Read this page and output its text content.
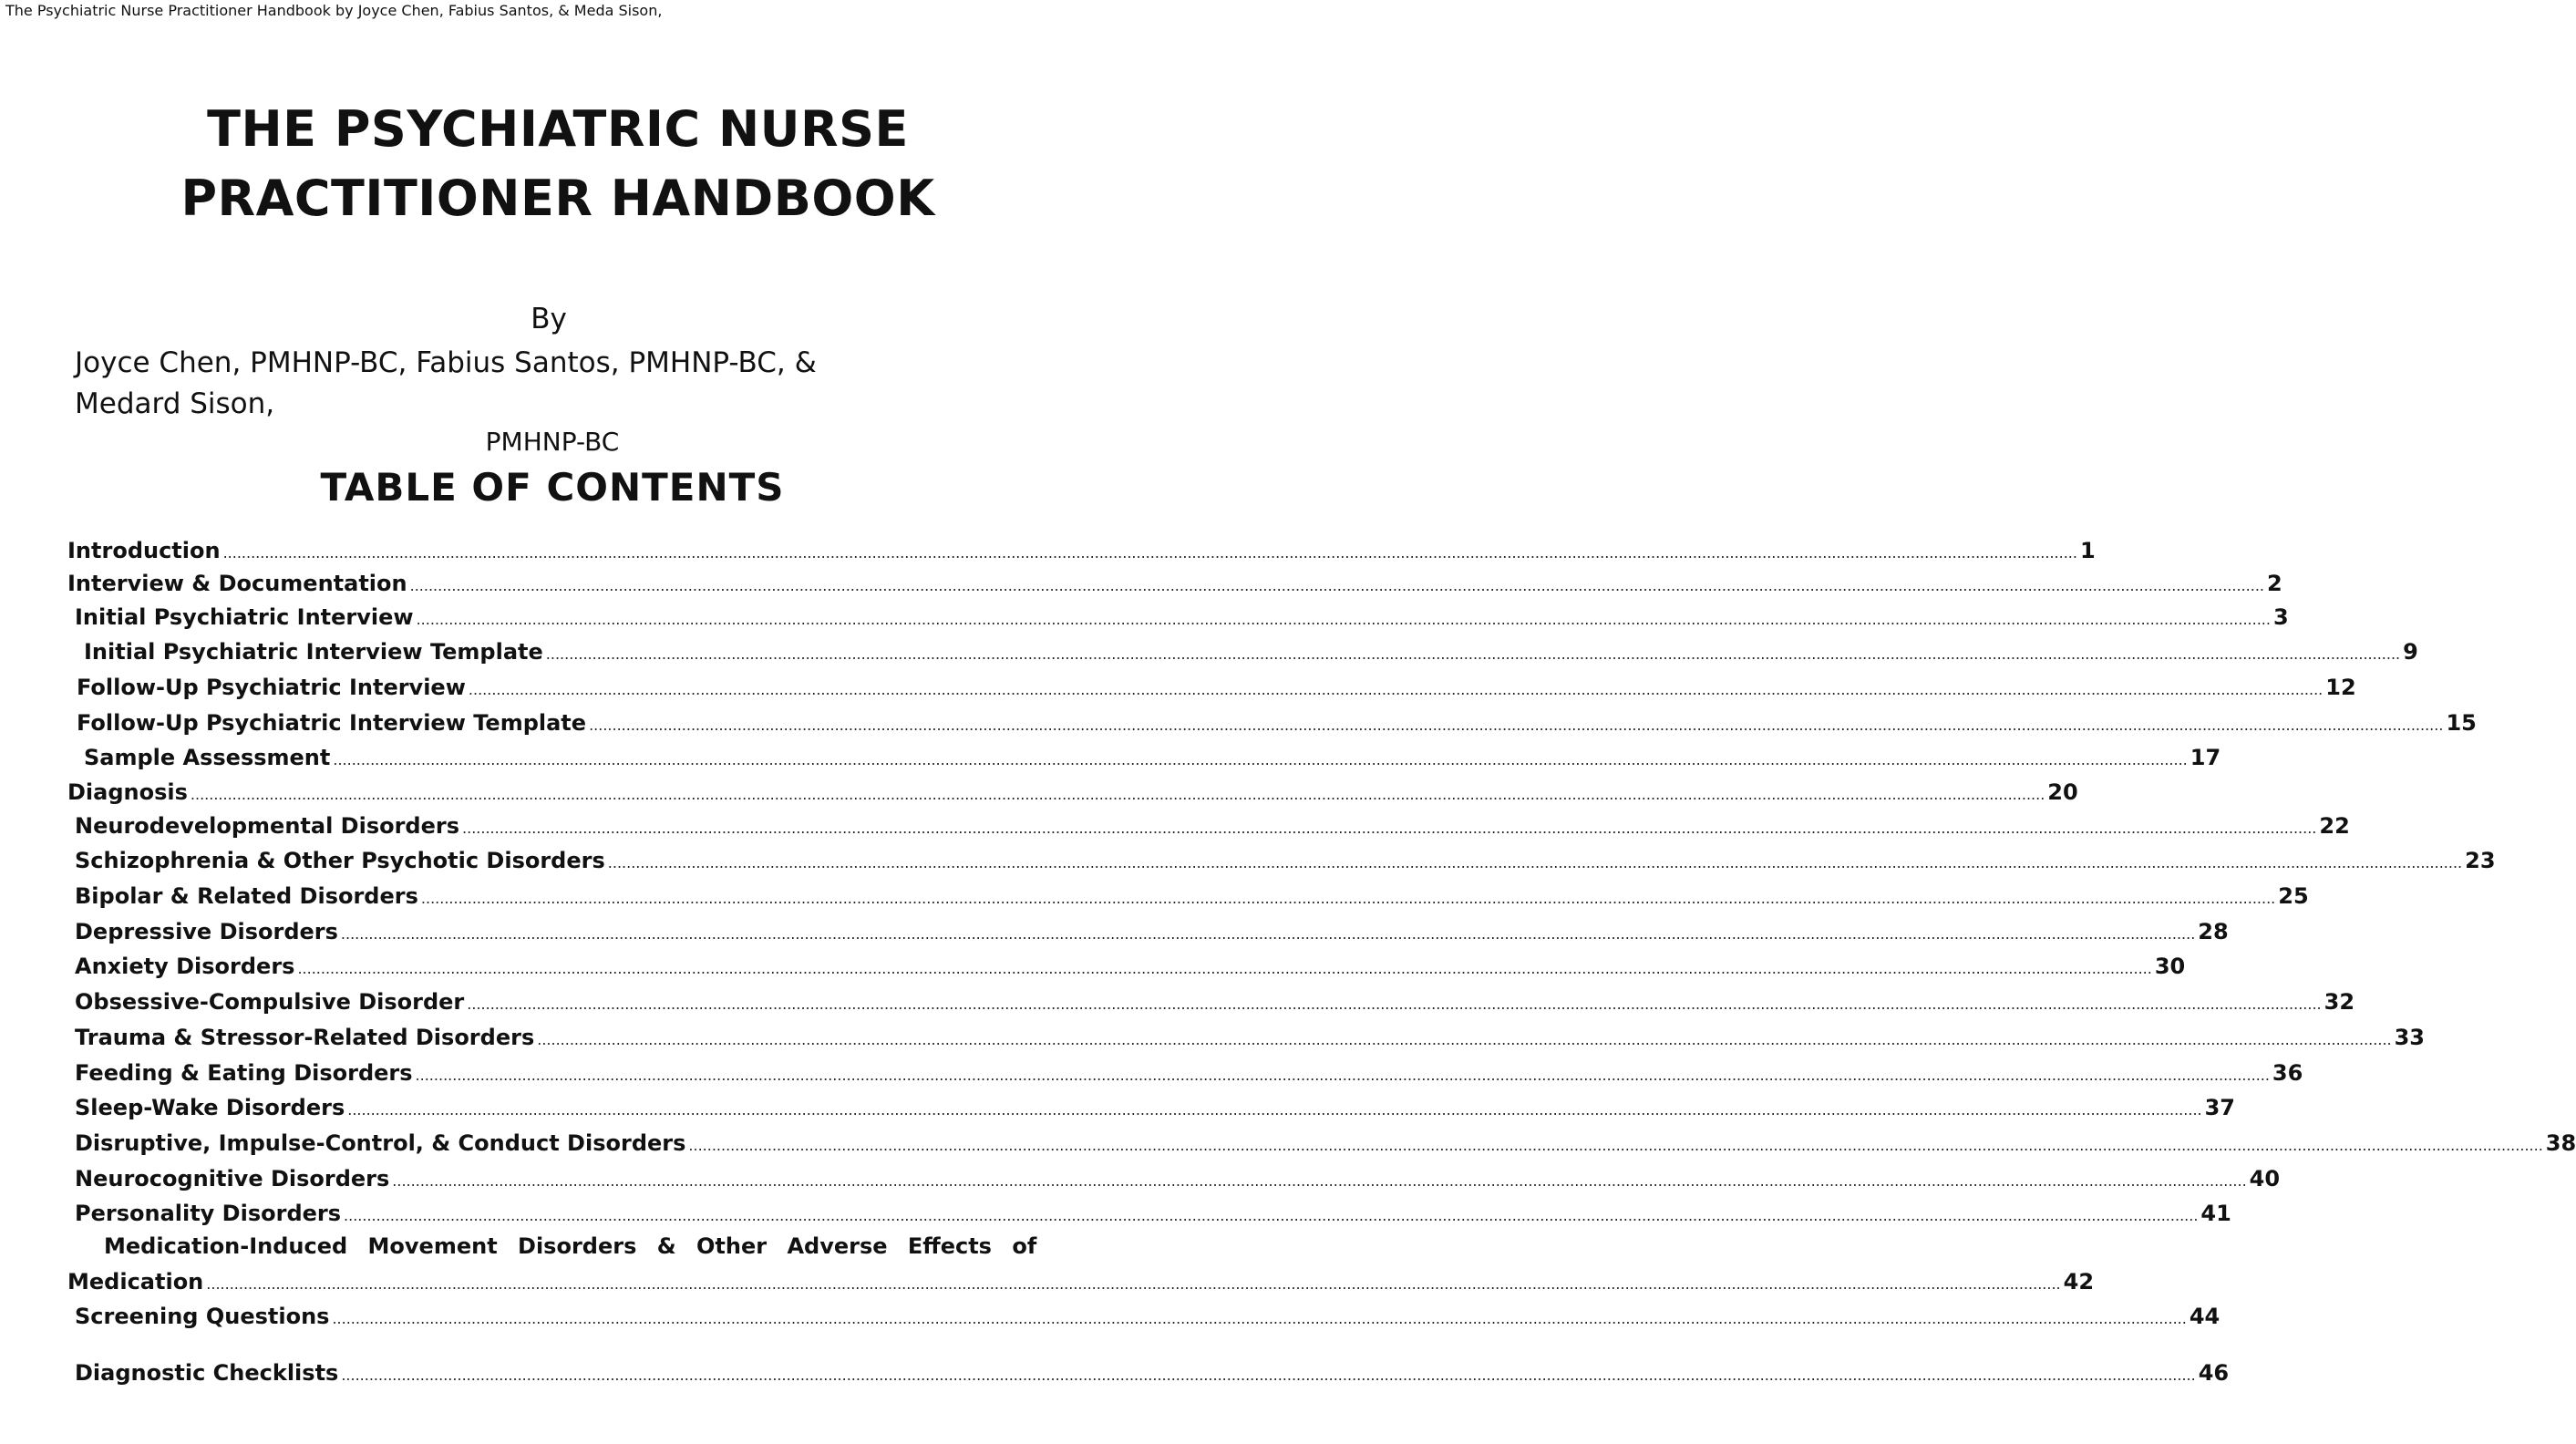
The Psychiatric Nurse Practitioner Handbook by Joyce Chen, Fabius Santos, & Meda Sison,
THE PSYCHIATRIC NURSE
PRACTITIONER HANDBOOK
By
Joyce Chen, PMHNP-BC, Fabius Santos, PMHNP-BC, &
Medard Sison,
PMHNP-BC
TABLE OF CONTENTS
Introduction ................................................................................................................................................................................................................................................................................................................................................................................................................ 1
Interview & Documentation ................................................................................................................................................................................................................................................................................................................................................................................................................ 2
Initial Psychiatric Interview ................................................................................................................................................................................................................................................................................................................................................................................................................ 3
Initial Psychiatric Interview Template ................................................................................................................................................................................................................................................................................................................................................................................................................ 9
Follow-Up Psychiatric Interview ................................................................................................................................................................................................................................................................................................................................................................................................................ 12
Follow-Up Psychiatric Interview Template ................................................................................................................................................................................................................................................................................................................................................................................................................ 15
Sample Assessment ................................................................................................................................................................................................................................................................................................................................................................................................................ 17
Diagnosis ................................................................................................................................................................................................................................................................................................................................................................................................................ 20
Neurodevelopmental Disorders ................................................................................................................................................................................................................................................................................................................................................................................................................ 22
Schizophrenia & Other Psychotic Disorders ................................................................................................................................................................................................................................................................................................................................................................................................................ 23
Bipolar & Related Disorders ................................................................................................................................................................................................................................................................................................................................................................................................................ 25
Depressive Disorders ................................................................................................................................................................................................................................................................................................................................................................................................................ 28
Anxiety Disorders ................................................................................................................................................................................................................................................................................................................................................................................................................ 30
Obsessive-Compulsive Disorder ................................................................................................................................................................................................................................................................................................................................................................................................................ 32
Trauma & Stressor-Related Disorders ................................................................................................................................................................................................................................................................................................................................................................................................................ 33
Feeding & Eating Disorders ................................................................................................................................................................................................................................................................................................................................................................................................................ 36
Sleep-Wake Disorders ................................................................................................................................................................................................................................................................................................................................................................................................................ 37
Disruptive, Impulse-Control, & Conduct Disorders ................................................................................................................................................................................................................................................................................................................................................................................................................ 38
Neurocognitive Disorders ................................................................................................................................................................................................................................................................................................................................................................................................................ 40
Personality Disorders ................................................................................................................................................................................................................................................................................................................................................................................................................ 41
Medication-Induced Movement Disorders & Other Adverse Effects of
Medication ................................................................................................................................................................................................................................................................................................................................................................................................................ 42
Screening Questions ................................................................................................................................................................................................................................................................................................................................................................................................................ 44
Diagnostic Checklists ................................................................................................................................................................................................................................................................................................................................................................................................................ 46
